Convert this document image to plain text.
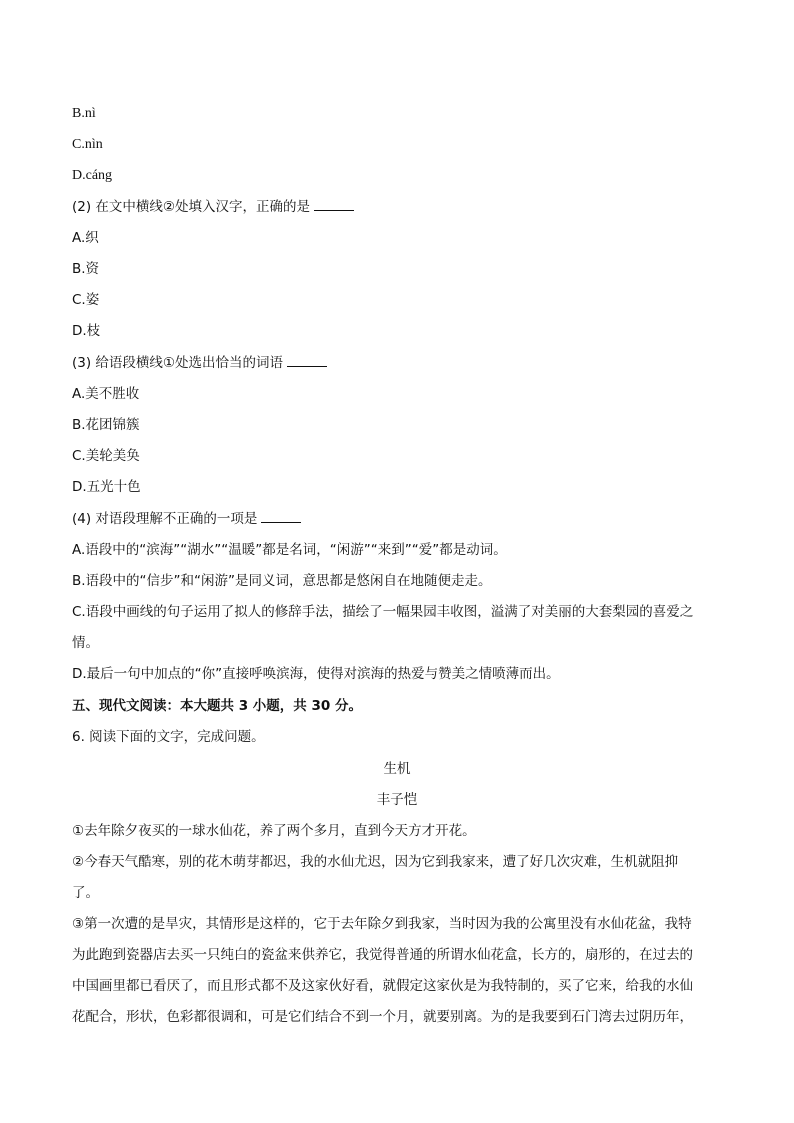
B.nì
C.nìn
D.cáng
(2) 在文中横线②处填入汉字，正确的是
A.织
B.资
C.姿
D.枝
(3) 给语段横线①处选出恰当的词语
A.美不胜收
B.花团锦簇
C.美轮美奂
D.五光十色
(4) 对语段理解不正确的一项是
A.语段中的“滨海”“湖水”“温暖”都是名词，“闲游”“来到”“爱”都是动词。
B.语段中的“信步”和“闲游”是同义词，意思都是悠闲自在地随便走走。
C.语段中画线的句子运用了拟人的修辞手法，描绘了一幅果园丰收图，溢满了对美丽的大套梨园的喜爱之
情。
D.最后一句中加点的“你”直接呼唤滨海，使得对滨海的热爱与赞美之情喷薄而出。
五、现代文阅读：本大题共 3 小题，共 30 分。
6. 阅读下面的文字，完成问题。
生机
丰子恺
①去年除夕夜买的一球水仙花，养了两个多月，直到今天方才开花。
②今春天气酷寒，别的花木萌芽都迟，我的水仙尤迟，因为它到我家来，遭了好几次灾难，生机就阻抑
了。
③第一次遭的是旱灾，其情形是这样的，它于去年除夕到我家，当时因为我的公寓里没有水仙花盆，我特
为此跑到瓷器店去买一只纯白的瓷盆来供养它，我觉得普通的所谓水仙花盒，长方的，扇形的，在过去的
中国画里都已看厌了，而且形式都不及这家伙好看，就假定这家伙是为我特制的，买了它来，给我的水仙
花配合，形状，色彩都很调和，可是它们结合不到一个月，就要别离。为的是我要到石门湾去过阴历年，
